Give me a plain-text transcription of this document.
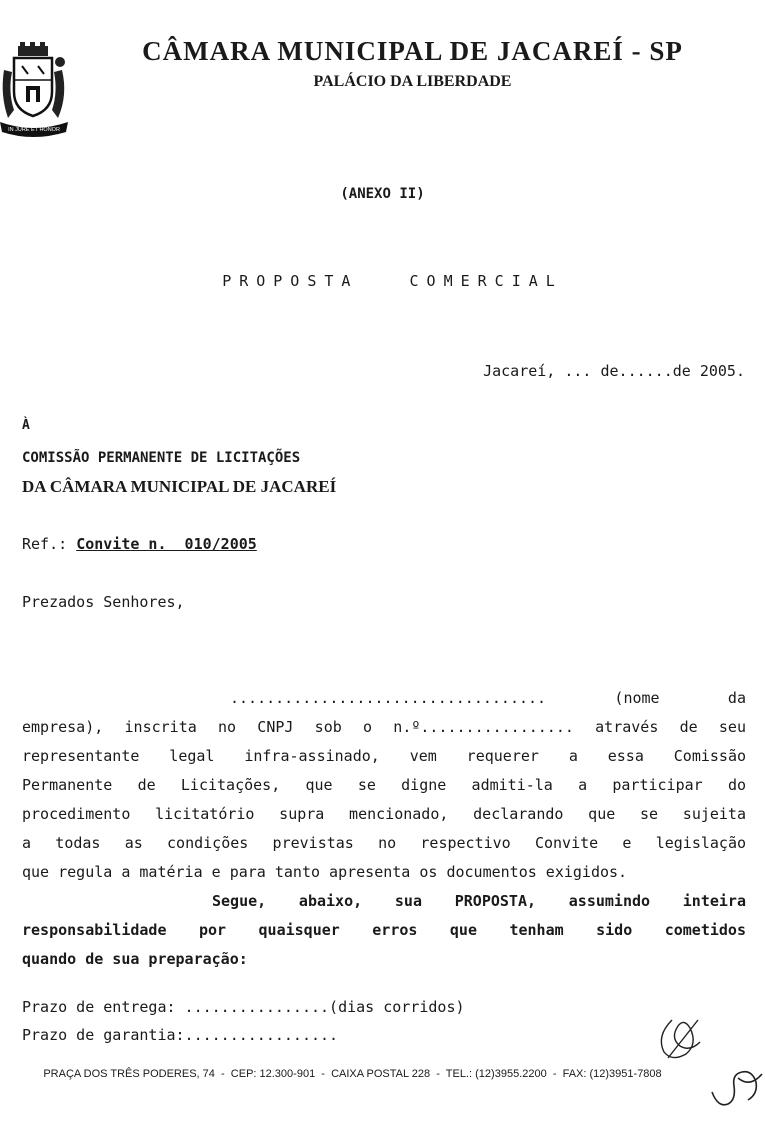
IN JURE ET HONOR
CÂMARA MUNICIPAL DE JACAREÍ - SP
PALÁCIO DA LIBERDADE
(ANEXO II)
PROPOSTA   COMERCIAL
Jacareí, ... de......de 2005.
À
COMISSÃO PERMANENTE DE LICITAÇÕES
DA CÂMARA MUNICIPAL DE JACAREÍ
Ref.: Convite n.  010/2005
Prezados Senhores,
................................... (nome da
empresa), inscrita no CNPJ sob o n.º................. através de seu
representante legal infra-assinado, vem requerer a essa Comissão
Permanente de Licitações, que se digne admiti-la a participar do
procedimento licitatório supra mencionado, declarando que se sujeita
a todas as condições previstas no respectivo Convite e legislação
que regula a matéria e para tanto apresenta os documentos exigidos.
Segue, abaixo, sua PROPOSTA, assumindo inteira
responsabilidade por quaisquer erros que tenham sido cometidos
quando de sua preparação:
Prazo de entrega: ................(dias corridos)
Prazo de garantia:.................
PRAÇA DOS TRÊS PODERES, 74  -  CEP: 12.300-901  -  CAIXA POSTAL 228  -  TEL.: (12)3955.2200  -  FAX: (12)3951-7808
